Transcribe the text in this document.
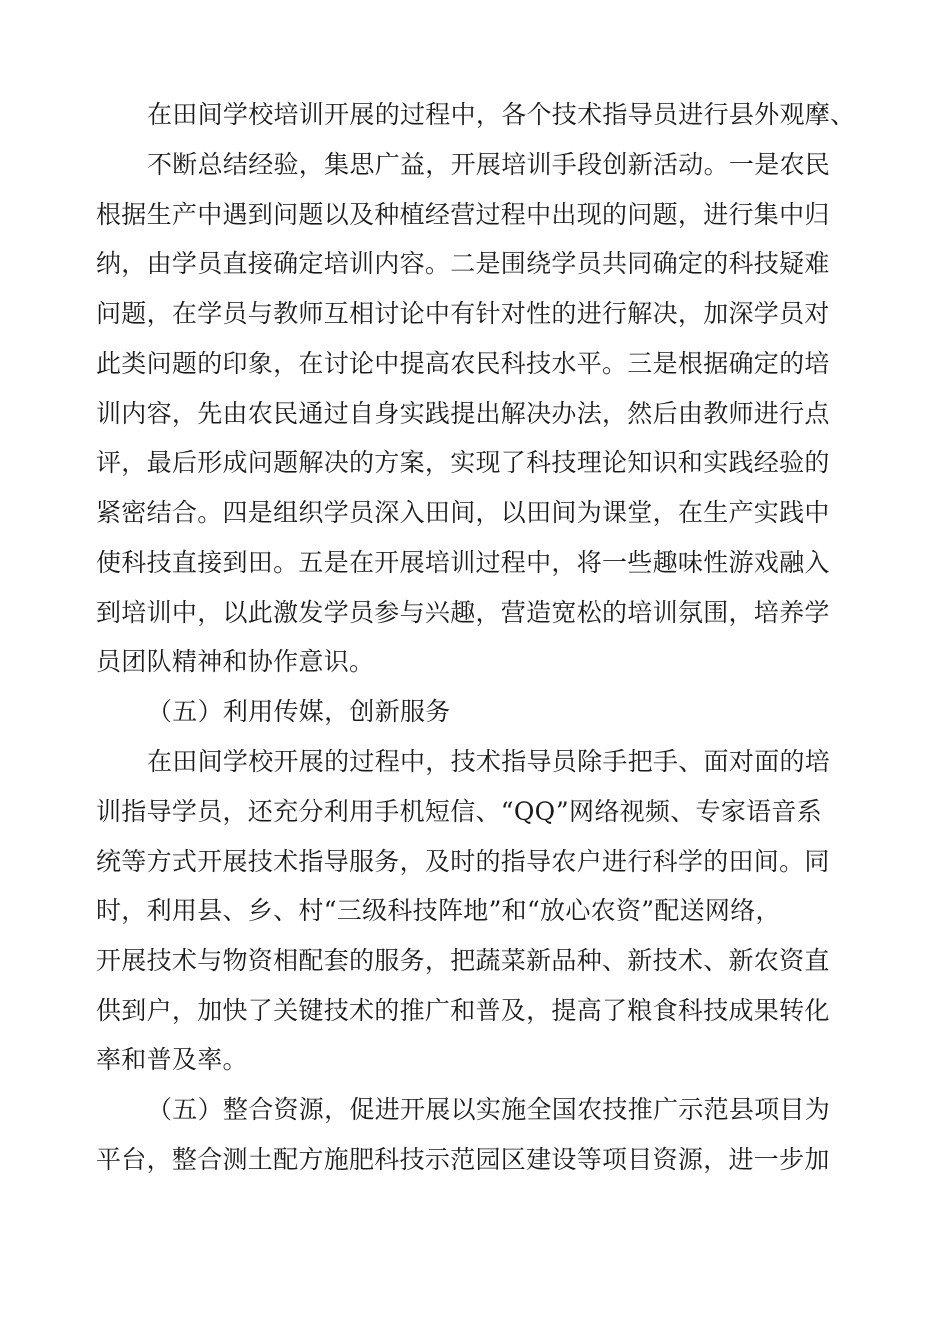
在田间学校培训开展的过程中，各个技术指导员进行县外观摩、
不断总结经验，集思广益，开展培训手段创新活动。一是农民
根据生产中遇到问题以及种植经营过程中出现的问题，进行集中归
纳，由学员直接确定培训内容。二是围绕学员共同确定的科技疑难
问题，在学员与教师互相讨论中有针对性的进行解决，加深学员对
此类问题的印象，在讨论中提高农民科技水平。三是根据确定的培
训内容，先由农民通过自身实践提出解决办法，然后由教师进行点
评，最后形成问题解决的方案，实现了科技理论知识和实践经验的
紧密结合。四是组织学员深入田间，以田间为课堂，在生产实践中
使科技直接到田。五是在开展培训过程中，将一些趣味性游戏融入
到培训中，以此激发学员参与兴趣，营造宽松的培训氛围，培养学
员团队精神和协作意识。
（五）利用传媒，创新服务
在田间学校开展的过程中，技术指导员除手把手、面对面的培
训指导学员，还充分利用手机短信、“QQ”网络视频、专家语音系
统等方式开展技术指导服务，及时的指导农户进行科学的田间。同
时，利用县、乡、村“三级科技阵地”和“放心农资”配送网络，
开展技术与物资相配套的服务，把蔬菜新品种、新技术、新农资直
供到户，加快了关键技术的推广和普及，提高了粮食科技成果转化
率和普及率。
（五）整合资源，促进开展以实施全国农技推广示范县项目为
平台，整合测土配方施肥科技示范园区建设等项目资源，进一步加
